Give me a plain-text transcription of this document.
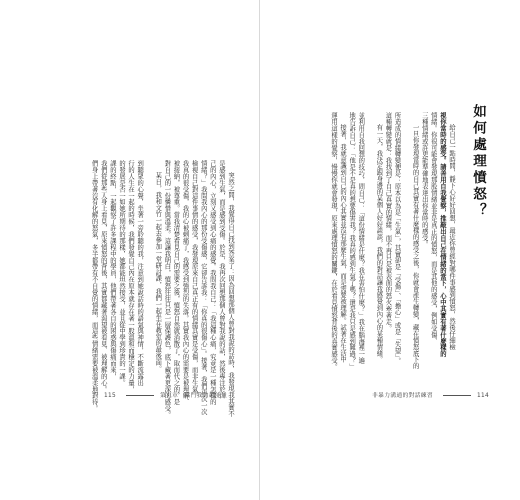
突然之間，我覺得自己找到答案了：因為回想那個人曾對我說的話時，我發現我其實不
是感到生氣，而是感到受傷。於是，我再次回想那個人曾對我說的話，然後專注於自
己的內心，立刻又感受到心痛的感覺。我問我自己：「我這種心痛，究竟是一種怎樣的
情緒？」我問我內心的那份受傷感，它卻告訴我：「你真的很傷心」。接著，我們再次一次
檢視自己對這件事情的感受，我發現原來自己真正有的情緒其實是受傷，而非生氣。
我真的很受傷，我的心被刺痛了，我感受到強烈的失落。其實我內心的需要是被理解、
被接納，被尊重。當我清楚看見自己的需要之後，憤怒自然就消散了，取而代之的，是
對自己的一份憐惜與溫柔。這讓我明白，憤怒往往只是一層保護色，底下藏著更深的感受。
某日，我和文竹一起去參加一堂研討課，我們一起坐在教室的最後面。
到聽眾的心聲，坐著一旁聆聽的我，注意到她說話時的語氣與神情，不斷流露出
行的人生在一起的時候，我們發覺自己內在原本就存在著一股溫和而穩定的力量，
的發展是否一如她所期待的那樣，她都能坦然接受，並且從中學到珍貴的一課。
課的終點，一起觀察了許多課程中的學員，他們帶著各自的困惑與傷痛而來，
我們從那些人身上看見，原來憤怒的背後，其實都藏著渴望被看見、被理解的心。
們身上帶著沒有化解的怒氣，多半都帶有不自覺的情緒，而這些情緒需要被溫柔地對待。 115	第五章　協門我的超能量
如何處理憤怒？
給自己一點時間，靜下心好好回想，最近你曾經對哪件事感到憤怒，然後仔細檢
視你當時的感受。請善用自我覺察，推敲出自己在情緒的當下，心中其實有著什麼樣的
情緒。你很可能會發現那股情緒並非是真正的憤怒，而是其他的感受，例如受傷、
三種情緒或許更能準確地表達出你當時的感受。
一旦你發現當時的自己其實有著什麼樣的感受之後，你就會產生轉變，藏在憤怒底下的
所造成的情緒轉變便是：原本以為是「生氣」，其實卻是「受傷」、「擔心」或是「失望」。
這種轉變就是：我找到了自己真實的情緒，而不再只是被表面的怒火牽著走。
有一天，我決定跟身邊的某個人好好談談，我們的對話讓我感覺到內心的某種情緒。
並利用自我回想的技巧，問自己：「這份情緒是什麼？我在害怕什麼？」我在腦海裡一遍
地告訴自己：「他是不是真的想要傷害我？我真的感到生氣了嗎？還是我只是感到難過？」
接著，我就意識到自己的內心其實並沒有那麼生氣，而是需要被理解。試著在生活中
運用這樣的覺察，慢慢你就會發現，原來處理憤怒的關鍵，在於看見憤怒背後的真實感受。
非暴力溝通的對話練習	114
